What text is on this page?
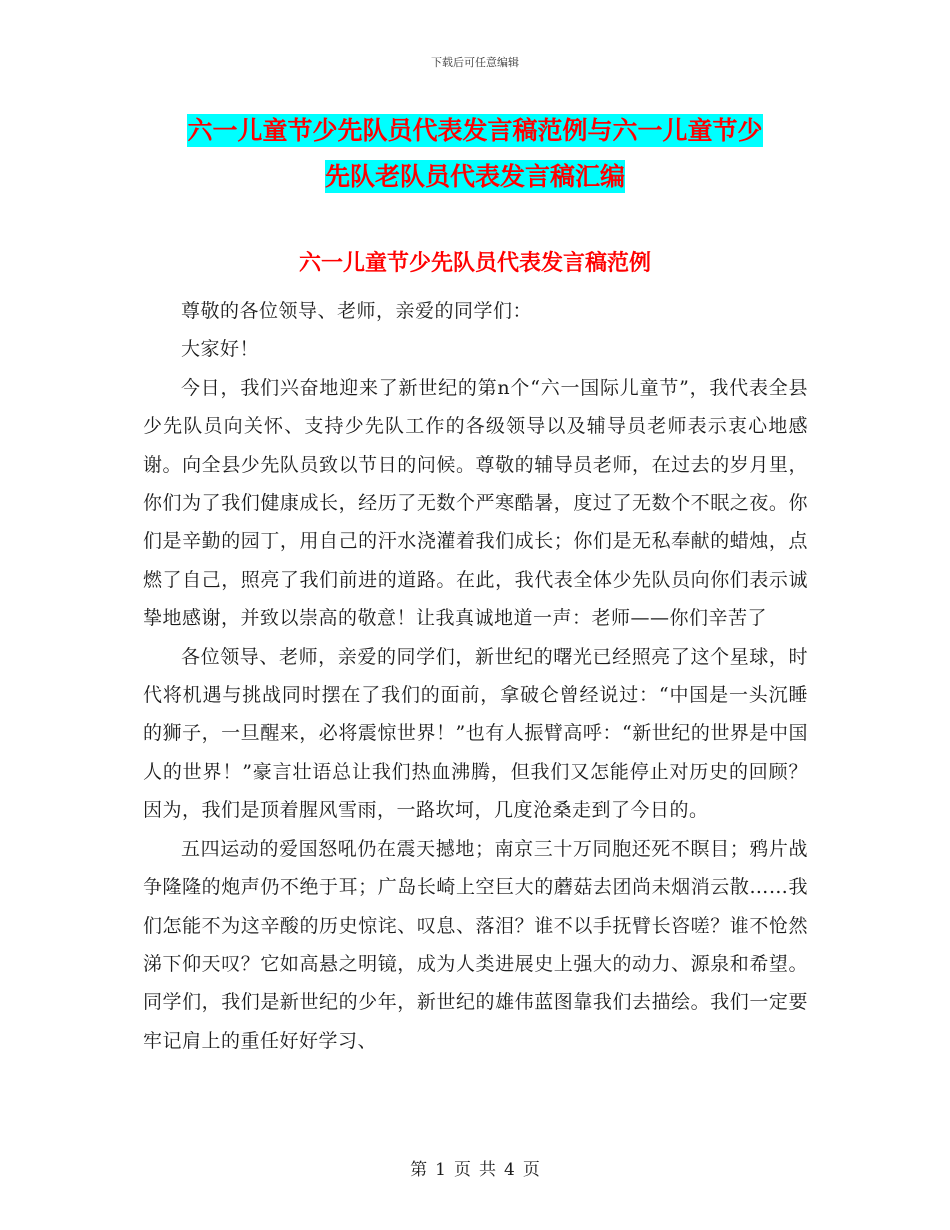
下载后可任意编辑
六一儿童节少先队员代表发言稿范例与六一儿童节少
先队老队员代表发言稿汇编
六一儿童节少先队员代表发言稿范例

尊敬的各位领导、老师，亲爱的同学们：

大家好！

今日，我们兴奋地迎来了新世纪的第n个“六一国际儿童节”，我代表全县少先队员向关怀、支持少先队工作的各级领导以及辅导员老师表示衷心地感谢。向全县少先队员致以节日的问候。尊敬的辅导员老师，在过去的岁月里，你们为了我们健康成长，经历了无数个严寒酷暑，度过了无数个不眠之夜。你们是辛勤的园丁，用自己的汗水浇灌着我们成长；你们是无私奉献的蜡烛，点燃了自己，照亮了我们前进的道路。在此，我代表全体少先队员向你们表示诚挚地感谢，并致以崇高的敬意！让我真诚地道一声：老师——你们辛苦了

各位领导、老师，亲爱的同学们，新世纪的曙光已经照亮了这个星球，时代将机遇与挑战同时摆在了我们的面前，拿破仑曾经说过：“中国是一头沉睡的狮子，一旦醒来，必将震惊世界！”也有人振臂高呼：“新世纪的世界是中国人的世界！”豪言壮语总让我们热血沸腾，但我们又怎能停止对历史的回顾？因为，我们是顶着腥风雪雨，一路坎坷，几度沧桑走到了今日的。

五四运动的爱国怒吼仍在震天撼地；南京三十万同胞还死不瞑目；鸦片战争隆隆的炮声仍不绝于耳；广岛长崎上空巨大的蘑菇去团尚未烟消云散……我们怎能不为这辛酸的历史惊诧、叹息、落泪？谁不以手抚臂长咨嗟？谁不怆然涕下仰天叹？它如高悬之明镜，成为人类进展史上强大的动力、源泉和希望。同学们，我们是新世纪的少年，新世纪的雄伟蓝图靠我们去描绘。我们一定要牢记肩上的重任好好学习、

第 1 页 共 4 页
